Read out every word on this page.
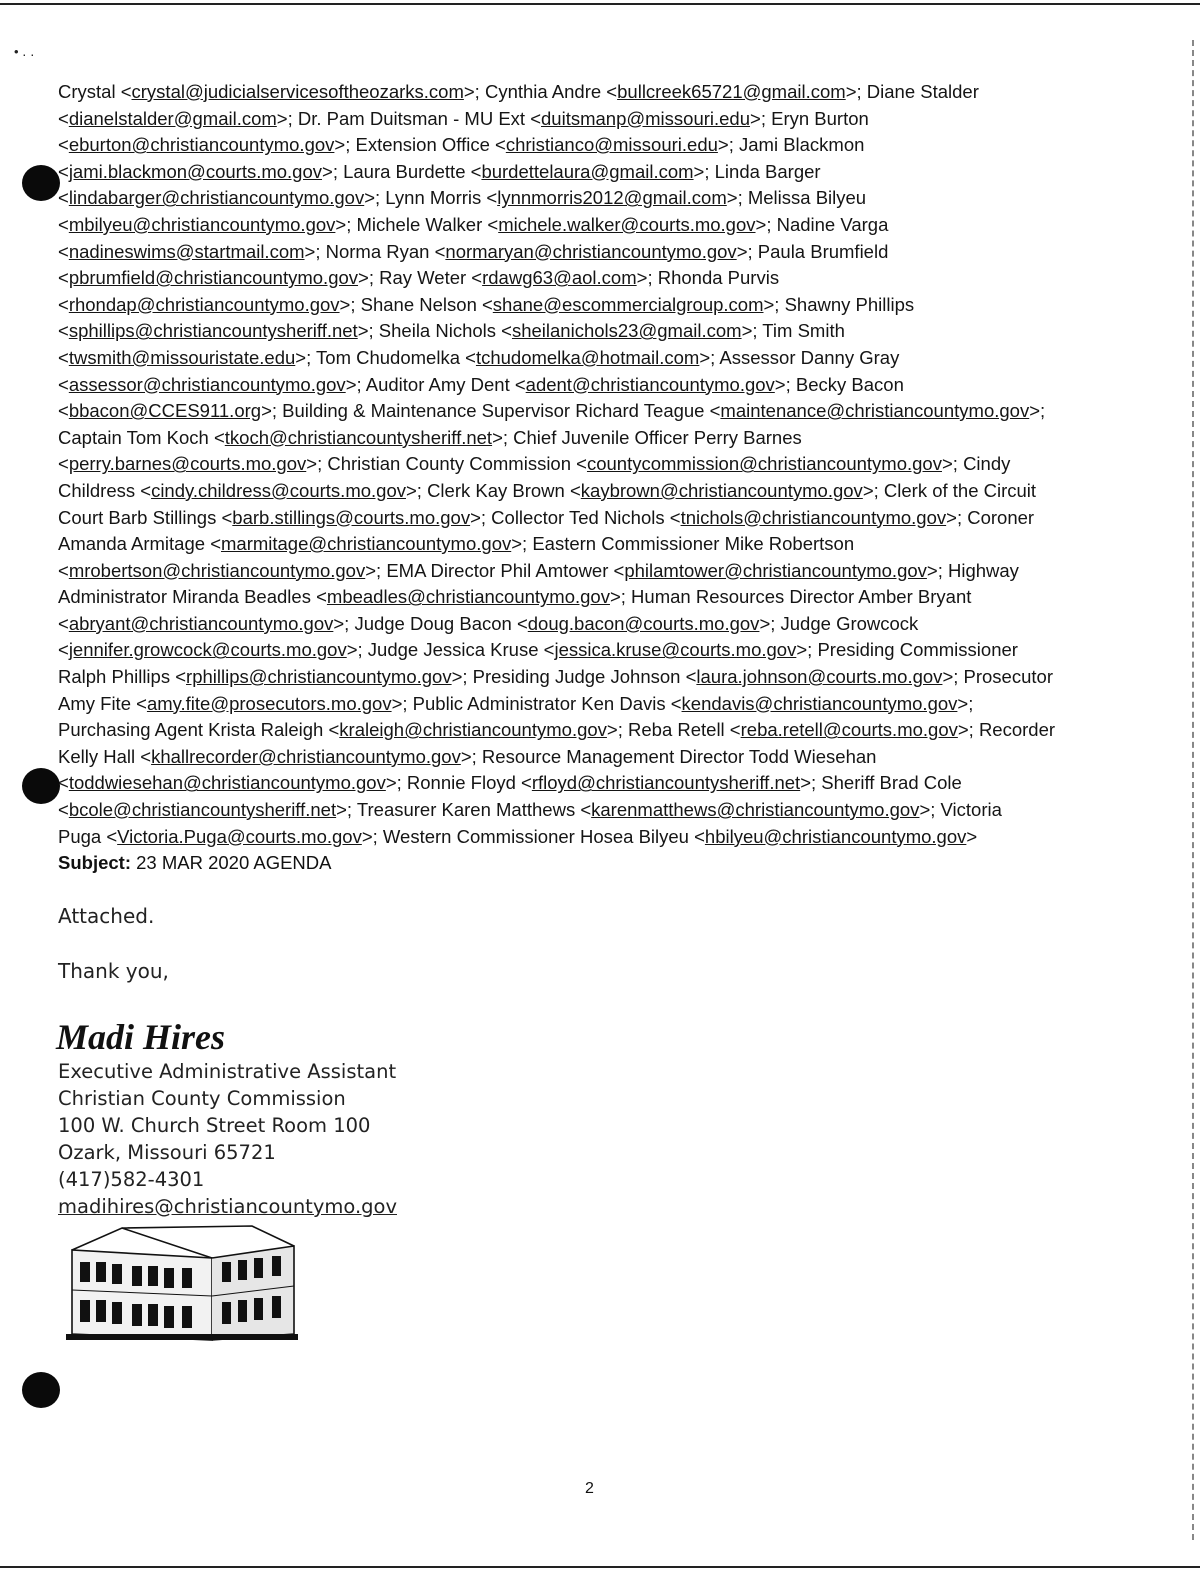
• ․ ․
Crystal <crystal@judicialservicesoftheozarks.com>; Cynthia Andre <bullcreek65721@gmail.com>; Diane Stalder
<dianelstalder@gmail.com>; Dr. Pam Duitsman - MU Ext <duitsmanp@missouri.edu>; Eryn Burton
<eburton@christiancountymo.gov>; Extension Office <christianco@missouri.edu>; Jami Blackmon
<jami.blackmon@courts.mo.gov>; Laura Burdette <burdettelaura@gmail.com>; Linda Barger
<lindabarger@christiancountymo.gov>; Lynn Morris <lynnmorris2012@gmail.com>; Melissa Bilyeu
<mbilyeu@christiancountymo.gov>; Michele Walker <michele.walker@courts.mo.gov>; Nadine Varga
<nadineswims@startmail.com>; Norma Ryan <normaryan@christiancountymo.gov>; Paula Brumfield
<pbrumfield@christiancountymo.gov>; Ray Weter <rdawg63@aol.com>; Rhonda Purvis
<rhondap@christiancountymo.gov>; Shane Nelson <shane@escommercialgroup.com>; Shawny Phillips
<sphillips@christiancountysheriff.net>; Sheila Nichols <sheilanichols23@gmail.com>; Tim Smith
<twsmith@missouristate.edu>; Tom Chudomelka <tchudomelka@hotmail.com>; Assessor Danny Gray
<assessor@christiancountymo.gov>; Auditor Amy Dent <adent@christiancountymo.gov>; Becky Bacon
<bbacon@CCES911.org>; Building & Maintenance Supervisor Richard Teague <maintenance@christiancountymo.gov>;
Captain Tom Koch <tkoch@christiancountysheriff.net>; Chief Juvenile Officer Perry Barnes
<perry.barnes@courts.mo.gov>; Christian County Commission <countycommission@christiancountymo.gov>; Cindy
Childress <cindy.childress@courts.mo.gov>; Clerk Kay Brown <kaybrown@christiancountymo.gov>; Clerk of the Circuit
Court Barb Stillings <barb.stillings@courts.mo.gov>; Collector Ted Nichols <tnichols@christiancountymo.gov>; Coroner
Amanda Armitage <marmitage@christiancountymo.gov>; Eastern Commissioner Mike Robertson
<mrobertson@christiancountymo.gov>; EMA Director Phil Amtower <philamtower@christiancountymo.gov>; Highway
Administrator Miranda Beadles <mbeadles@christiancountymo.gov>; Human Resources Director Amber Bryant
<abryant@christiancountymo.gov>; Judge Doug Bacon <doug.bacon@courts.mo.gov>; Judge Growcock
<jennifer.growcock@courts.mo.gov>; Judge Jessica Kruse <jessica.kruse@courts.mo.gov>; Presiding Commissioner
Ralph Phillips <rphillips@christiancountymo.gov>; Presiding Judge Johnson <laura.johnson@courts.mo.gov>; Prosecutor
Amy Fite <amy.fite@prosecutors.mo.gov>; Public Administrator Ken Davis <kendavis@christiancountymo.gov>;
Purchasing Agent Krista Raleigh <kraleigh@christiancountymo.gov>; Reba Retell <reba.retell@courts.mo.gov>; Recorder
Kelly Hall <khallrecorder@christiancountymo.gov>; Resource Management Director Todd Wiesehan
<toddwiesehan@christiancountymo.gov>; Ronnie Floyd <rfloyd@christiancountysheriff.net>; Sheriff Brad Cole
<bcole@christiancountysheriff.net>; Treasurer Karen Matthews <karenmatthews@christiancountymo.gov>; Victoria
Puga <Victoria.Puga@courts.mo.gov>; Western Commissioner Hosea Bilyeu <hbilyeu@christiancountymo.gov>
Subject: 23 MAR 2020 AGENDA
Attached.
Thank you,
Madi Hires
Executive Administrative Assistant
Christian County Commission
100 W. Church Street Room 100
Ozark, Missouri 65721
(417)582-4301
madihires@christiancountymo.gov
2
